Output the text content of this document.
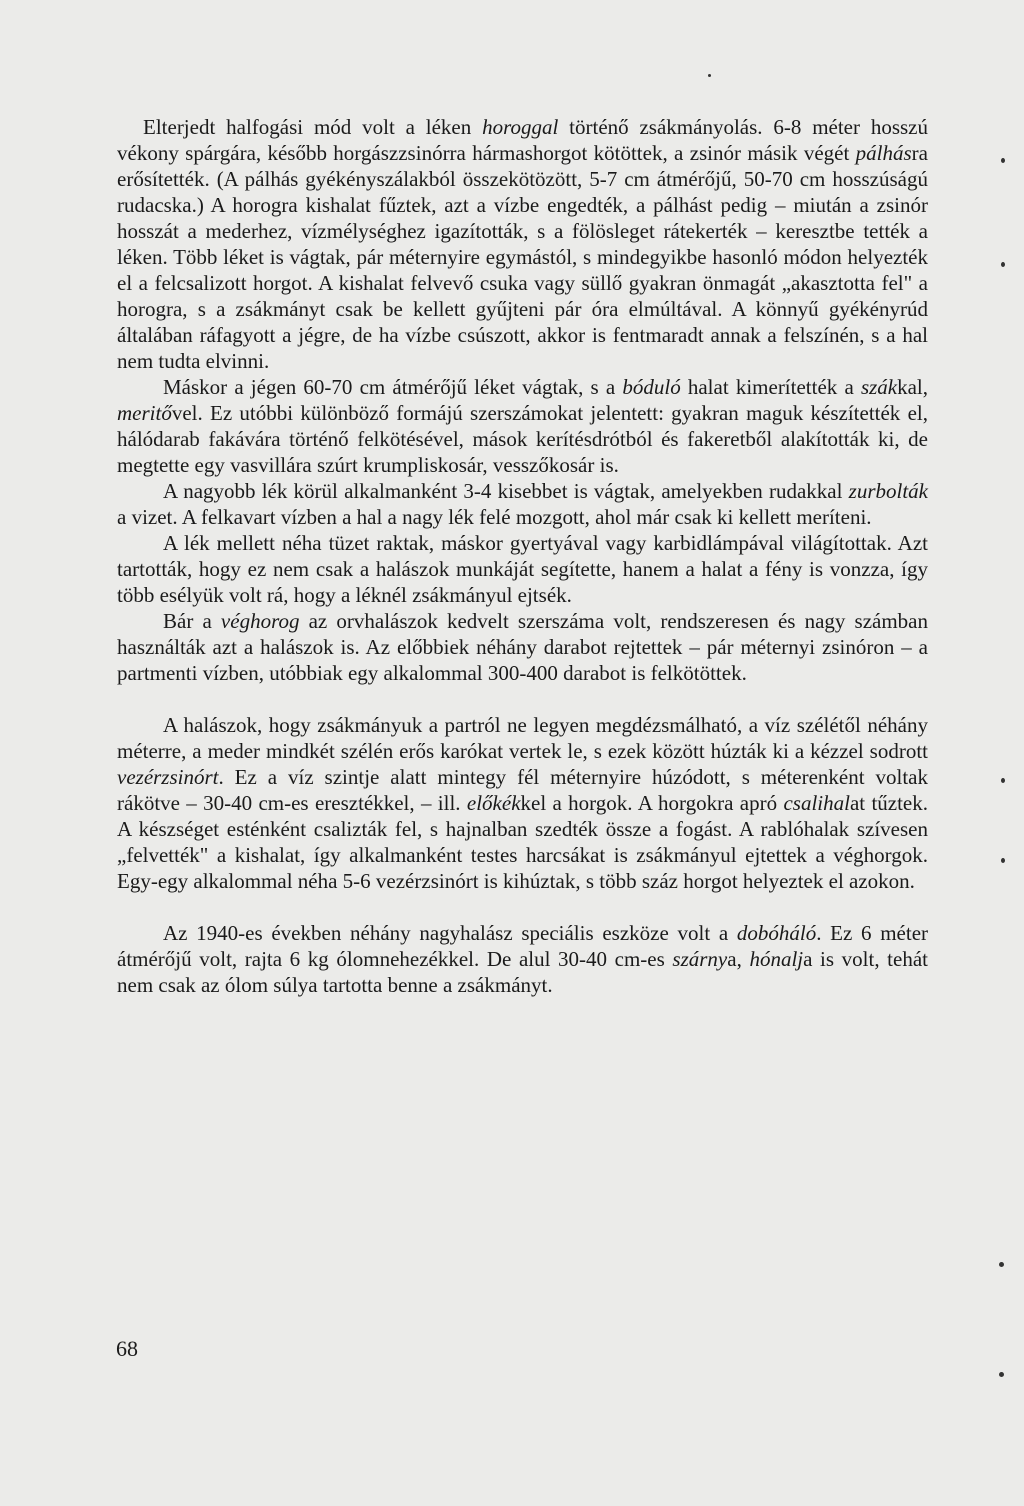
Elterjedt halfogási mód volt a léken horoggal történő zsákmányolás. 6-8 méter hosszú vékony spárgára, később horgászzsinórra hármashorgot kötöttek, a zsinór másik végét pálhásra erősítették. (A pálhás gyékényszálakból összekötözött, 5-7 cm átmérőjű, 50-70 cm hosszúságú rudacska.) A horogra kishalat fűztek, azt a vízbe engedték, a pálhást pedig – miután a zsinór hosszát a mederhez, vízmélységhez igazították, s a fölösleget rátekerték – keresztbe tették a léken. Több léket is vágtak, pár méternyire egymástól, s mindegyikbe hasonló módon helyezték el a felcsalizott horgot. A kishalat felvevő csuka vagy süllő gyakran önmagát „akasztotta fel" a horogra, s a zsákmányt csak be kellett gyűjteni pár óra elmúltával. A könnyű gyékényrúd általában ráfagyott a jégre, de ha vízbe csúszott, akkor is fentmaradt annak a felszínén, s a hal nem tudta elvinni.

Máskor a jégen 60-70 cm átmérőjű léket vágtak, s a bóduló halat kimerítették a szákkal, meritővel. Ez utóbbi különböző formájú szerszámokat jelentett: gyakran maguk készítették el, hálódarab fakávára történő felkötésével, mások kerítésdrótból és fakeretből alakították ki, de megtette egy vasvillára szúrt krumpliskosár, vesszőkosár is.

A nagyobb lék körül alkalmanként 3-4 kisebbet is vágtak, amelyekben rudakkal zurbolták a vizet. A felkavart vízben a hal a nagy lék felé mozgott, ahol már csak ki kellett meríteni.

A lék mellett néha tüzet raktak, máskor gyertyával vagy karbidlámpával világítottak. Azt tartották, hogy ez nem csak a halászok munkáját segítette, hanem a halat a fény is vonzza, így több esélyük volt rá, hogy a léknél zsákmányul ejtsék.

Bár a véghorog az orvhalászok kedvelt szerszáma volt, rendszeresen és nagy számban használták azt a halászok is. Az előbbiek néhány darabot rejtettek – pár méternyi zsinóron – a partmenti vízben, utóbbiak egy alkalommal 300-400 darabot is felkötöttek.

A halászok, hogy zsákmányuk a partról ne legyen megdézsmálható, a víz szélétől néhány méterre, a meder mindkét szélén erős karókat vertek le, s ezek között húzták ki a kézzel sodrott vezérzsinórt. Ez a víz szintje alatt mintegy fél méternyire húzódott, s méterenként voltak rákötve – 30-40 cm-es eresztékkel, – ill. előkékkel a horgok. A horgokra apró csalihalat tűztek. A készséget esténként csalizták fel, s hajnalban szedték össze a fogást. A rablóhalak szívesen „felvették" a kishalat, így alkalmanként testes harcsákat is zsákmányul ejtettek a véghorgok. Egy-egy alkalommal néha 5-6 vezérzsinórt is kihúztak, s több száz horgot helyeztek el azokon.

Az 1940-es években néhány nagyhalász speciális eszköze volt a dobóháló. Ez 6 méter átmérőjű volt, rajta 6 kg ólomnehezékkel. De alul 30-40 cm-es szárnya, hónalja is volt, tehát nem csak az ólom súlya tartotta benne a zsákmányt.

68
